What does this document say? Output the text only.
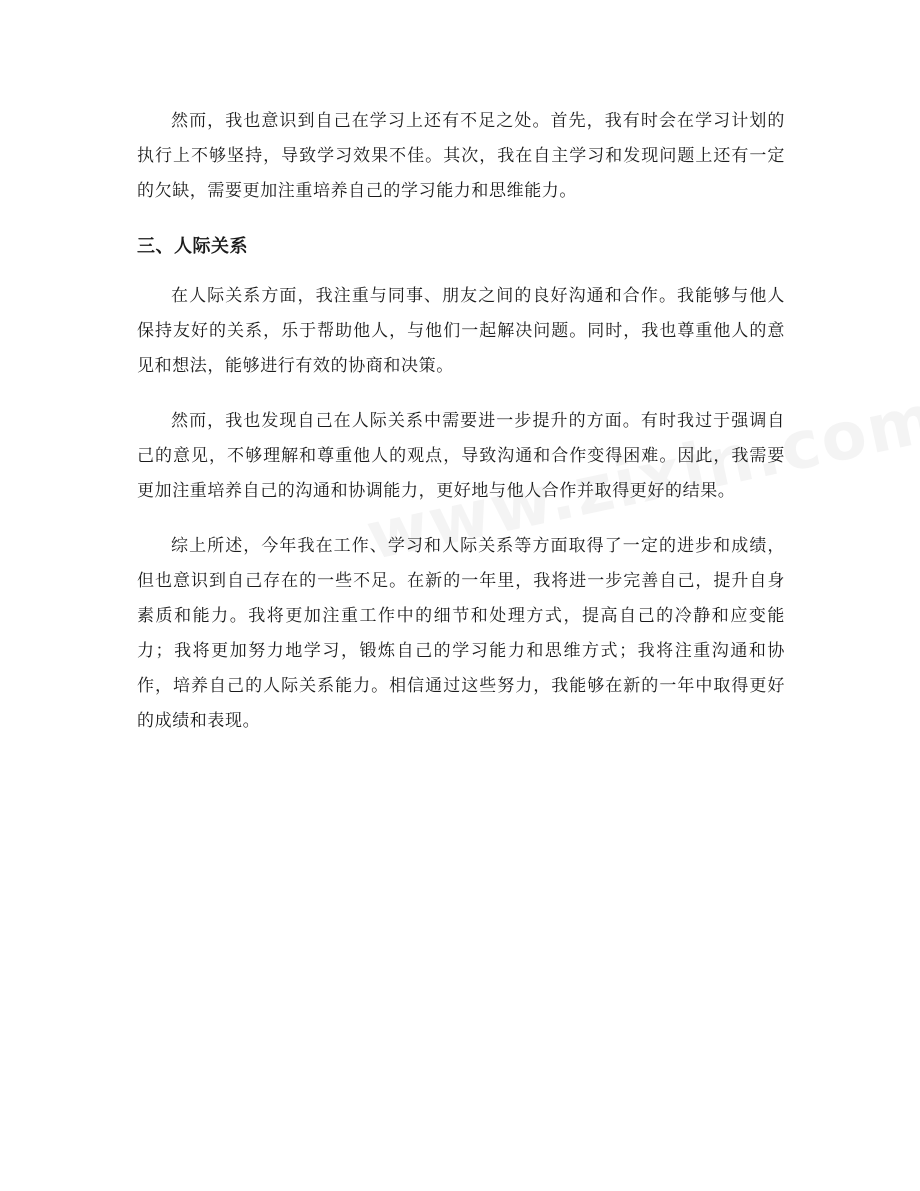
然而，我也意识到自己在学习上还有不足之处。首先，我有时会在学习计划的执行上不够坚持，导致学习效果不佳。其次，我在自主学习和发现问题上还有一定的欠缺，需要更加注重培养自己的学习能力和思维能力。

三、人际关系

在人际关系方面，我注重与同事、朋友之间的良好沟通和合作。我能够与他人保持友好的关系，乐于帮助他人，与他们一起解决问题。同时，我也尊重他人的意见和想法，能够进行有效的协商和决策。

然而，我也发现自己在人际关系中需要进一步提升的方面。有时我过于强调自己的意见，不够理解和尊重他人的观点，导致沟通和合作变得困难。因此，我需要更加注重培养自己的沟通和协调能力，更好地与他人合作并取得更好的结果。

综上所述，今年我在工作、学习和人际关系等方面取得了一定的进步和成绩，但也意识到自己存在的一些不足。在新的一年里，我将进一步完善自己，提升自身素质和能力。我将更加注重工作中的细节和处理方式，提高自己的冷静和应变能力；我将更加努力地学习，锻炼自己的学习能力和思维方式；我将注重沟通和协作，培养自己的人际关系能力。相信通过这些努力，我能够在新的一年中取得更好的成绩和表现。
